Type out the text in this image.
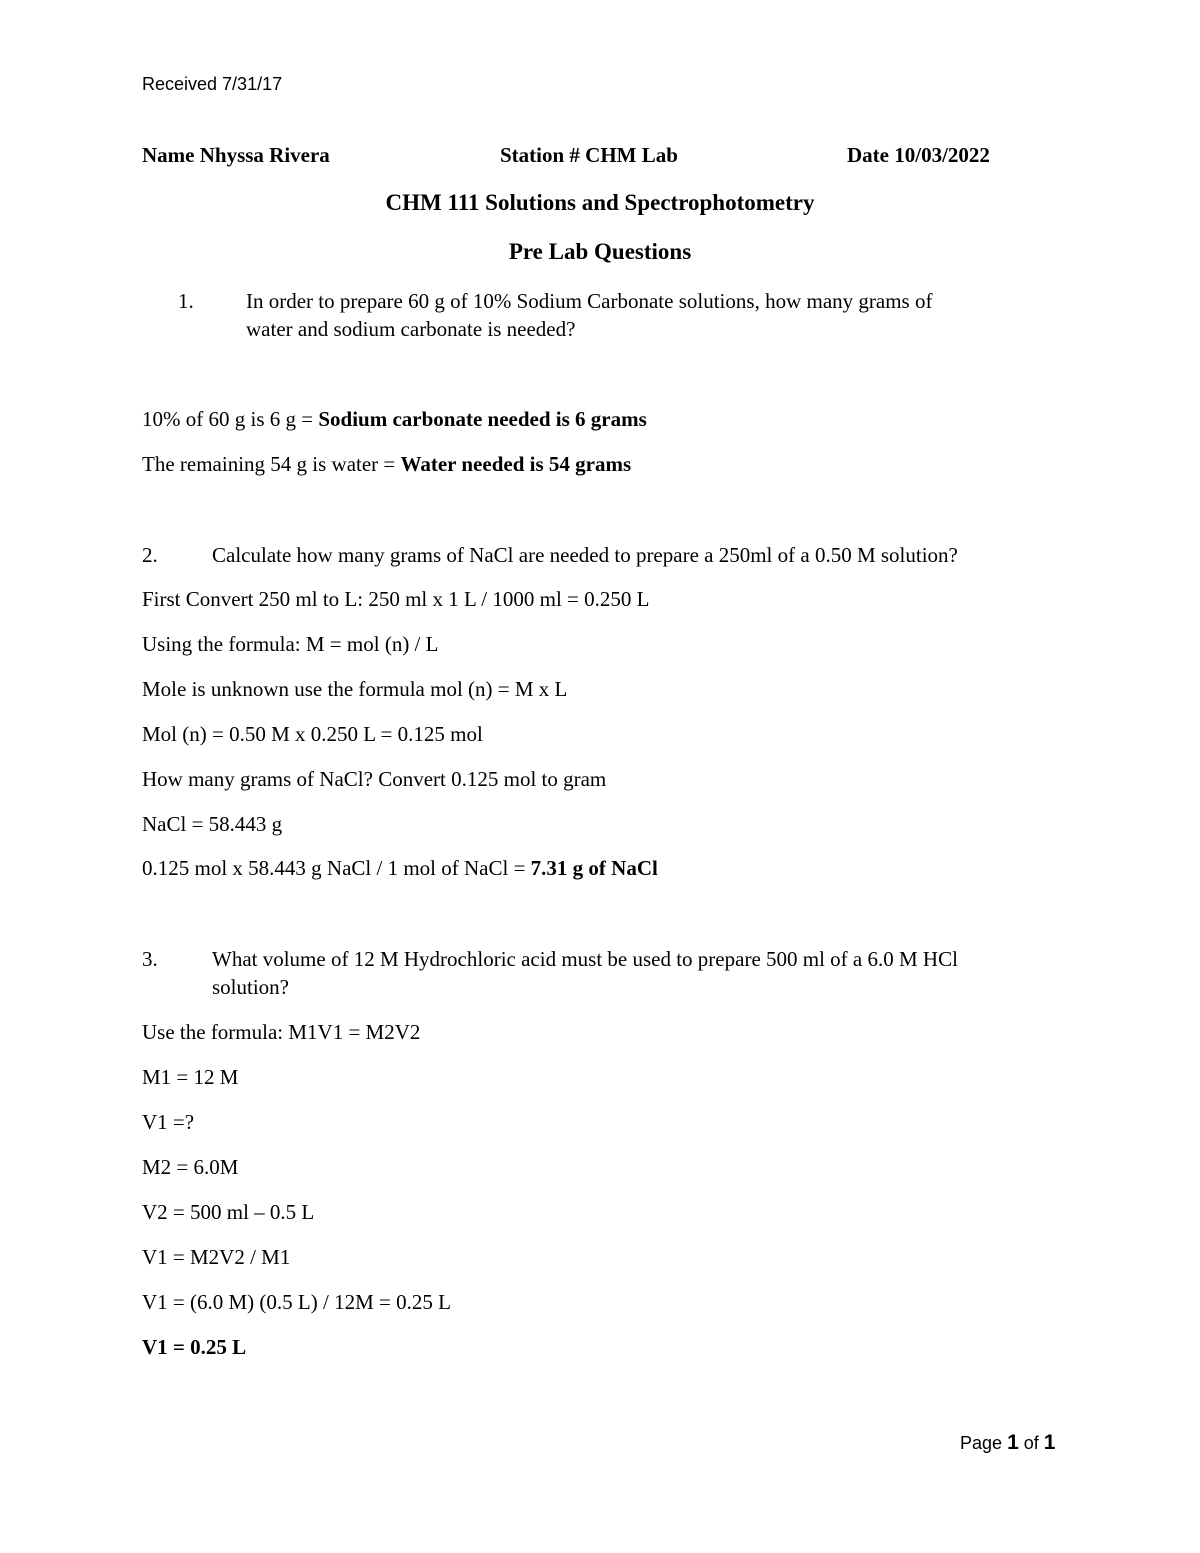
Received 7/31/17
Name Nhyssa Rivera	Station # CHM Lab	Date 10/03/2022
CHM 111 Solutions and Spectrophotometry
Pre Lab Questions
1. In order to prepare 60 g of 10% Sodium Carbonate solutions, how many grams of
water and sodium carbonate is needed?
10% of 60 g is 6 g = Sodium carbonate needed is 6 grams
The remaining 54 g is water = Water needed is 54 grams
2.	Calculate how many grams of NaCl are needed to prepare a 250ml of a 0.50 M solution?
First Convert 250 ml to L: 250 ml x 1 L / 1000 ml = 0.250 L
Using the formula: M = mol (n) / L
Mole is unknown use the formula mol (n) = M x L
Mol (n) = 0.50 M x 0.250 L = 0.125 mol
How many grams of NaCl? Convert 0.125 mol to gram
NaCl = 58.443 g
0.125 mol x 58.443 g NaCl / 1 mol of NaCl = 7.31 g of NaCl
3.	What volume of 12 M Hydrochloric acid must be used to prepare 500 ml of a 6.0 M HCl
solution?
Use the formula: M1V1 = M2V2
M1 = 12 M
V1 =?
M2 = 6.0M
V2 = 500 ml – 0.5 L
V1 = M2V2 / M1
V1 = (6.0 M) (0.5 L) / 12M = 0.25 L
V1 = 0.25 L
Page 1 of 1
